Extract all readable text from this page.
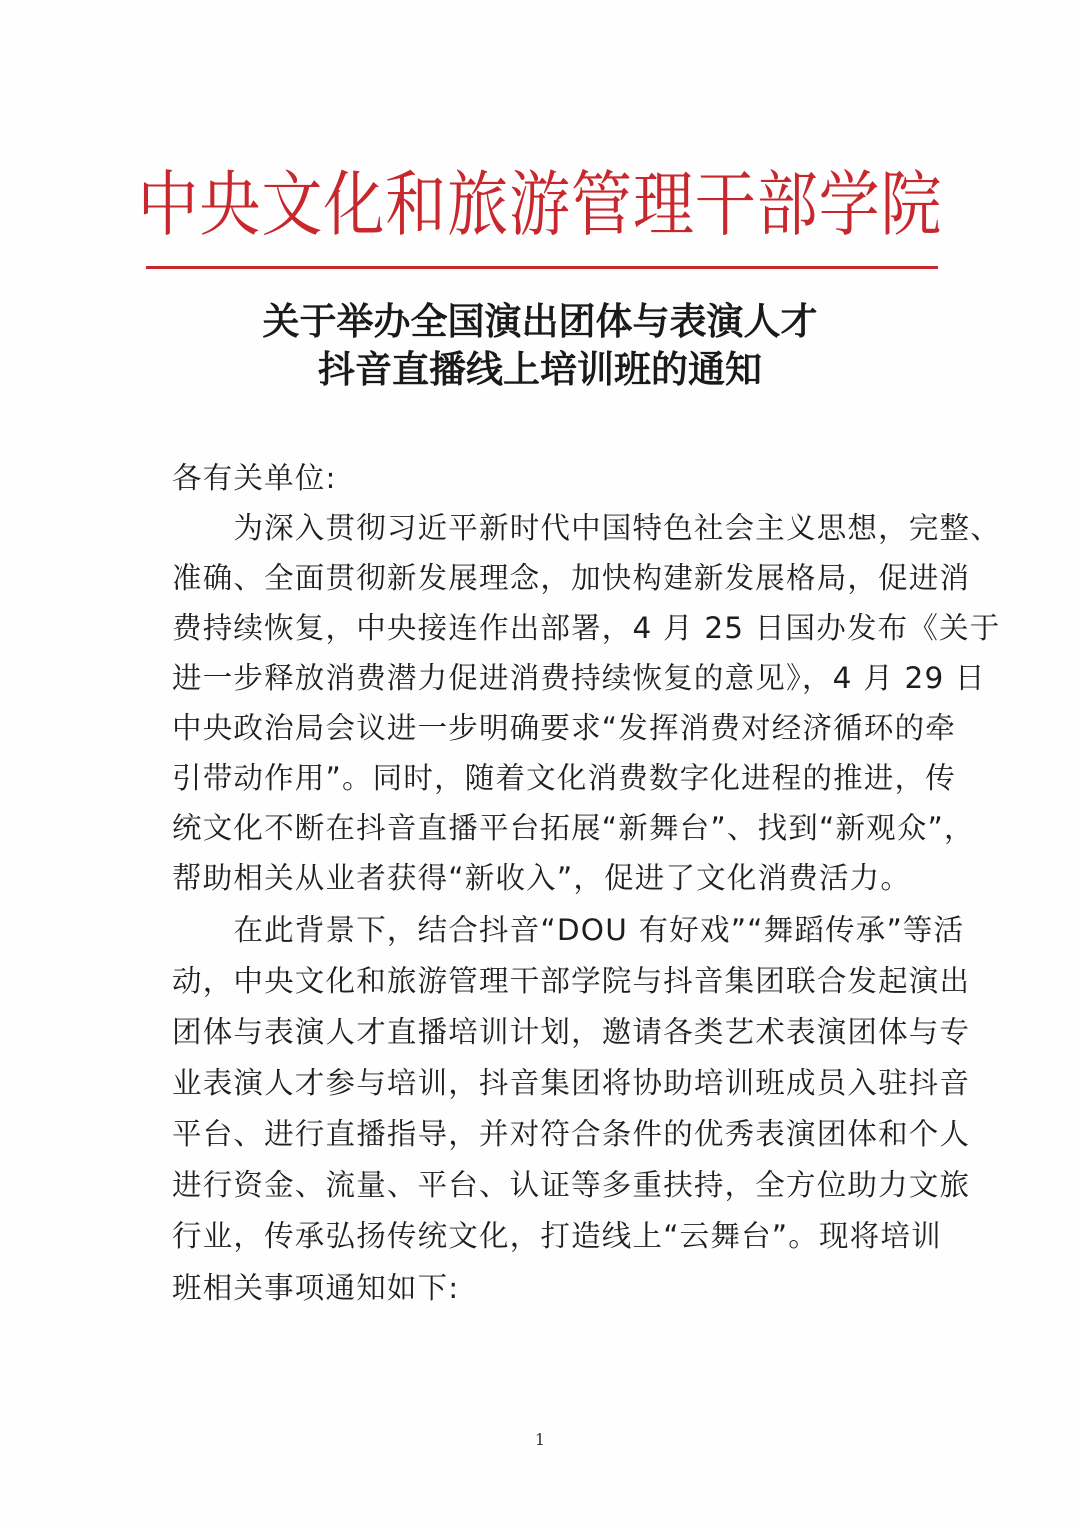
中央文化和旅游管理干部学院
关于举办全国演出团体与表演人才
抖音直播线上培训班的通知
各有关单位:
　　为深入贯彻习近平新时代中国特色社会主义思想，完整、
准确、全面贯彻新发展理念，加快构建新发展格局，促进消
费持续恢复，中央接连作出部署，4 月 25 日国办发布《关于
进一步释放消费潜力促进消费持续恢复的意见》，4 月 29 日
中央政治局会议进一步明确要求“发挥消费对经济循环的牵
引带动作用”。同时，随着文化消费数字化进程的推进，传
统文化不断在抖音直播平台拓展“新舞台”、找到“新观众”，
帮助相关从业者获得“新收入”，促进了文化消费活力。
　　在此背景下，结合抖音“DOU 有好戏”“舞蹈传承”等活
动，中央文化和旅游管理干部学院与抖音集团联合发起演出
团体与表演人才直播培训计划，邀请各类艺术表演团体与专
业表演人才参与培训，抖音集团将协助培训班成员入驻抖音
平台、进行直播指导，并对符合条件的优秀表演团体和个人
进行资金、流量、平台、认证等多重扶持，全方位助力文旅
行业，传承弘扬传统文化，打造线上“云舞台”。现将培训
班相关事项通知如下:
1
